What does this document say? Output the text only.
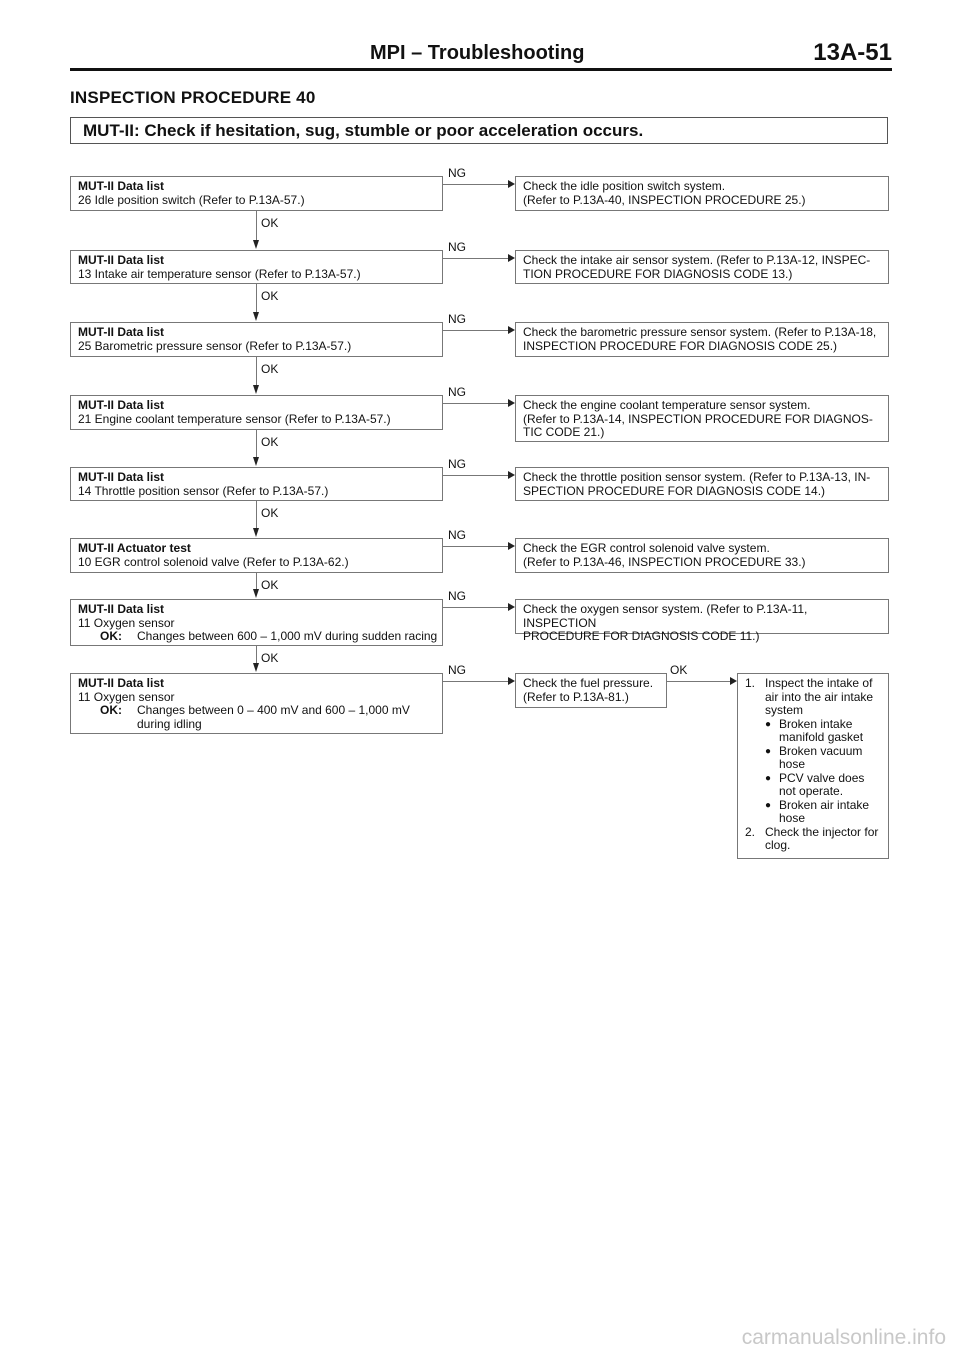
MPI – Troubleshooting	13A-51
INSPECTION PROCEDURE 40
MUT-II: Check if hesitation, sug, stumble or poor acceleration occurs.
MUT-II Data list
26 Idle position switch (Refer to P.13A-57.)
MUT-II Data list
13 Intake air temperature sensor (Refer to P.13A-57.)
MUT-II Data list
25 Barometric pressure sensor (Refer to P.13A-57.)
MUT-II Data list
21 Engine coolant temperature sensor (Refer to P.13A-57.)
MUT-II Data list
14 Throttle position sensor (Refer to P.13A-57.)
MUT-II Actuator test
10 EGR control solenoid valve (Refer to P.13A-62.)
MUT-II Data list
11 Oxygen sensor
OK:	Changes between 600 – 1,000 mV during sudden racing
MUT-II Data list
11 Oxygen sensor
OK:	Changes between 0 – 400 mV and 600 – 1,000 mV during idling
Check the idle position switch system.
(Refer to P.13A-40, INSPECTION PROCEDURE 25.)
Check the intake air sensor system. (Refer to P.13A-12, INSPEC-
TION PROCEDURE FOR DIAGNOSIS CODE 13.)
Check the barometric pressure sensor system. (Refer to P.13A-18,
INSPECTION PROCEDURE FOR DIAGNOSIS CODE 25.)
Check the engine coolant temperature sensor system.
(Refer to P.13A-14, INSPECTION PROCEDURE FOR DIAGNOS-
TIC CODE 21.)
Check the throttle position sensor system. (Refer to P.13A-13, IN-
SPECTION PROCEDURE FOR DIAGNOSIS CODE 14.)
Check the EGR control solenoid valve system.
(Refer to P.13A-46, INSPECTION PROCEDURE 33.)
Check the oxygen sensor system. (Refer to P.13A-11, INSPECTION
PROCEDURE FOR DIAGNOSIS CODE 11.)
Check the fuel pressure.
(Refer to P.13A-81.)
1. Inspect the intake of air into the air intake system
● Broken intake manifold gasket
● Broken vacuum hose
● PCV valve does not operate.
● Broken air intake hose
2. Check the injector for clog.
NG
NG
NG
NG
NG
NG
NG
NG	OK
OK
OK
OK
OK
OK
OK
OK
carmanualsonline.info
